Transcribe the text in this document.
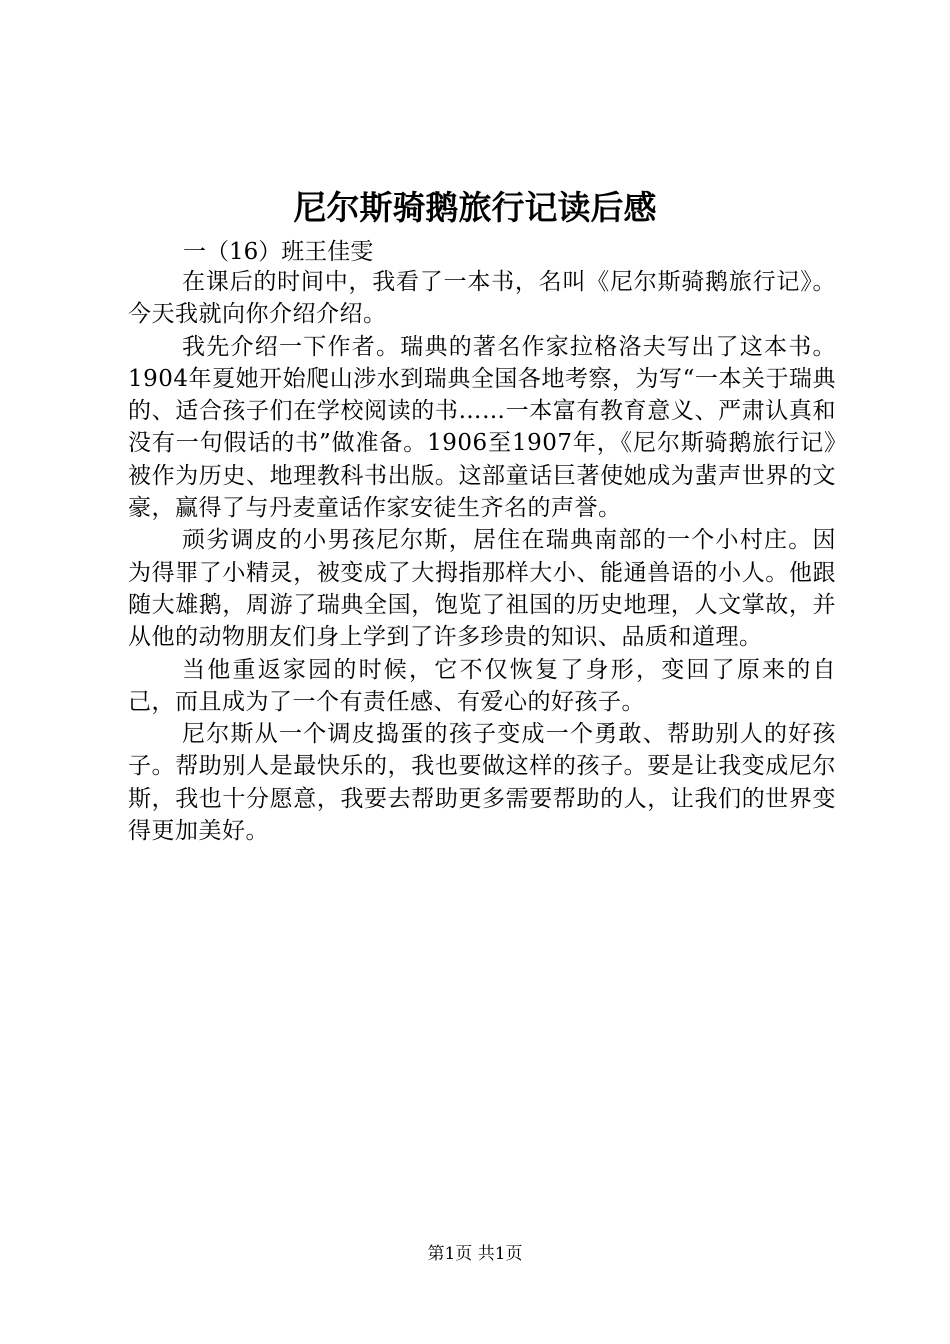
尼尔斯骑鹅旅行记读后感

一（16）班王佳雯

在课后的时间中，我看了一本书，名叫《尼尔斯骑鹅旅行记》。今天我就向你介绍介绍。

我先介绍一下作者。瑞典的著名作家拉格洛夫写出了这本书。1904年夏她开始爬山涉水到瑞典全国各地考察，为写“一本关于瑞典的、适合孩子们在学校阅读的书……一本富有教育意义、严肃认真和没有一句假话的书”做准备。1906至1907年，《尼尔斯骑鹅旅行记》被作为历史、地理教科书出版。这部童话巨著使她成为蜚声世界的文豪，赢得了与丹麦童话作家安徒生齐名的声誉。

顽劣调皮的小男孩尼尔斯，居住在瑞典南部的一个小村庄。因为得罪了小精灵，被变成了大拇指那样大小、能通兽语的小人。他跟随大雄鹅，周游了瑞典全国，饱览了祖国的历史地理，人文掌故，并从他的动物朋友们身上学到了许多珍贵的知识、品质和道理。

当他重返家园的时候，它不仅恢复了身形，变回了原来的自己，而且成为了一个有责任感、有爱心的好孩子。

尼尔斯从一个调皮捣蛋的孩子变成一个勇敢、帮助别人的好孩子。帮助别人是最快乐的，我也要做这样的孩子。要是让我变成尼尔斯，我也十分愿意，我要去帮助更多需要帮助的人，让我们的世界变得更加美好。

第1页 共1页
